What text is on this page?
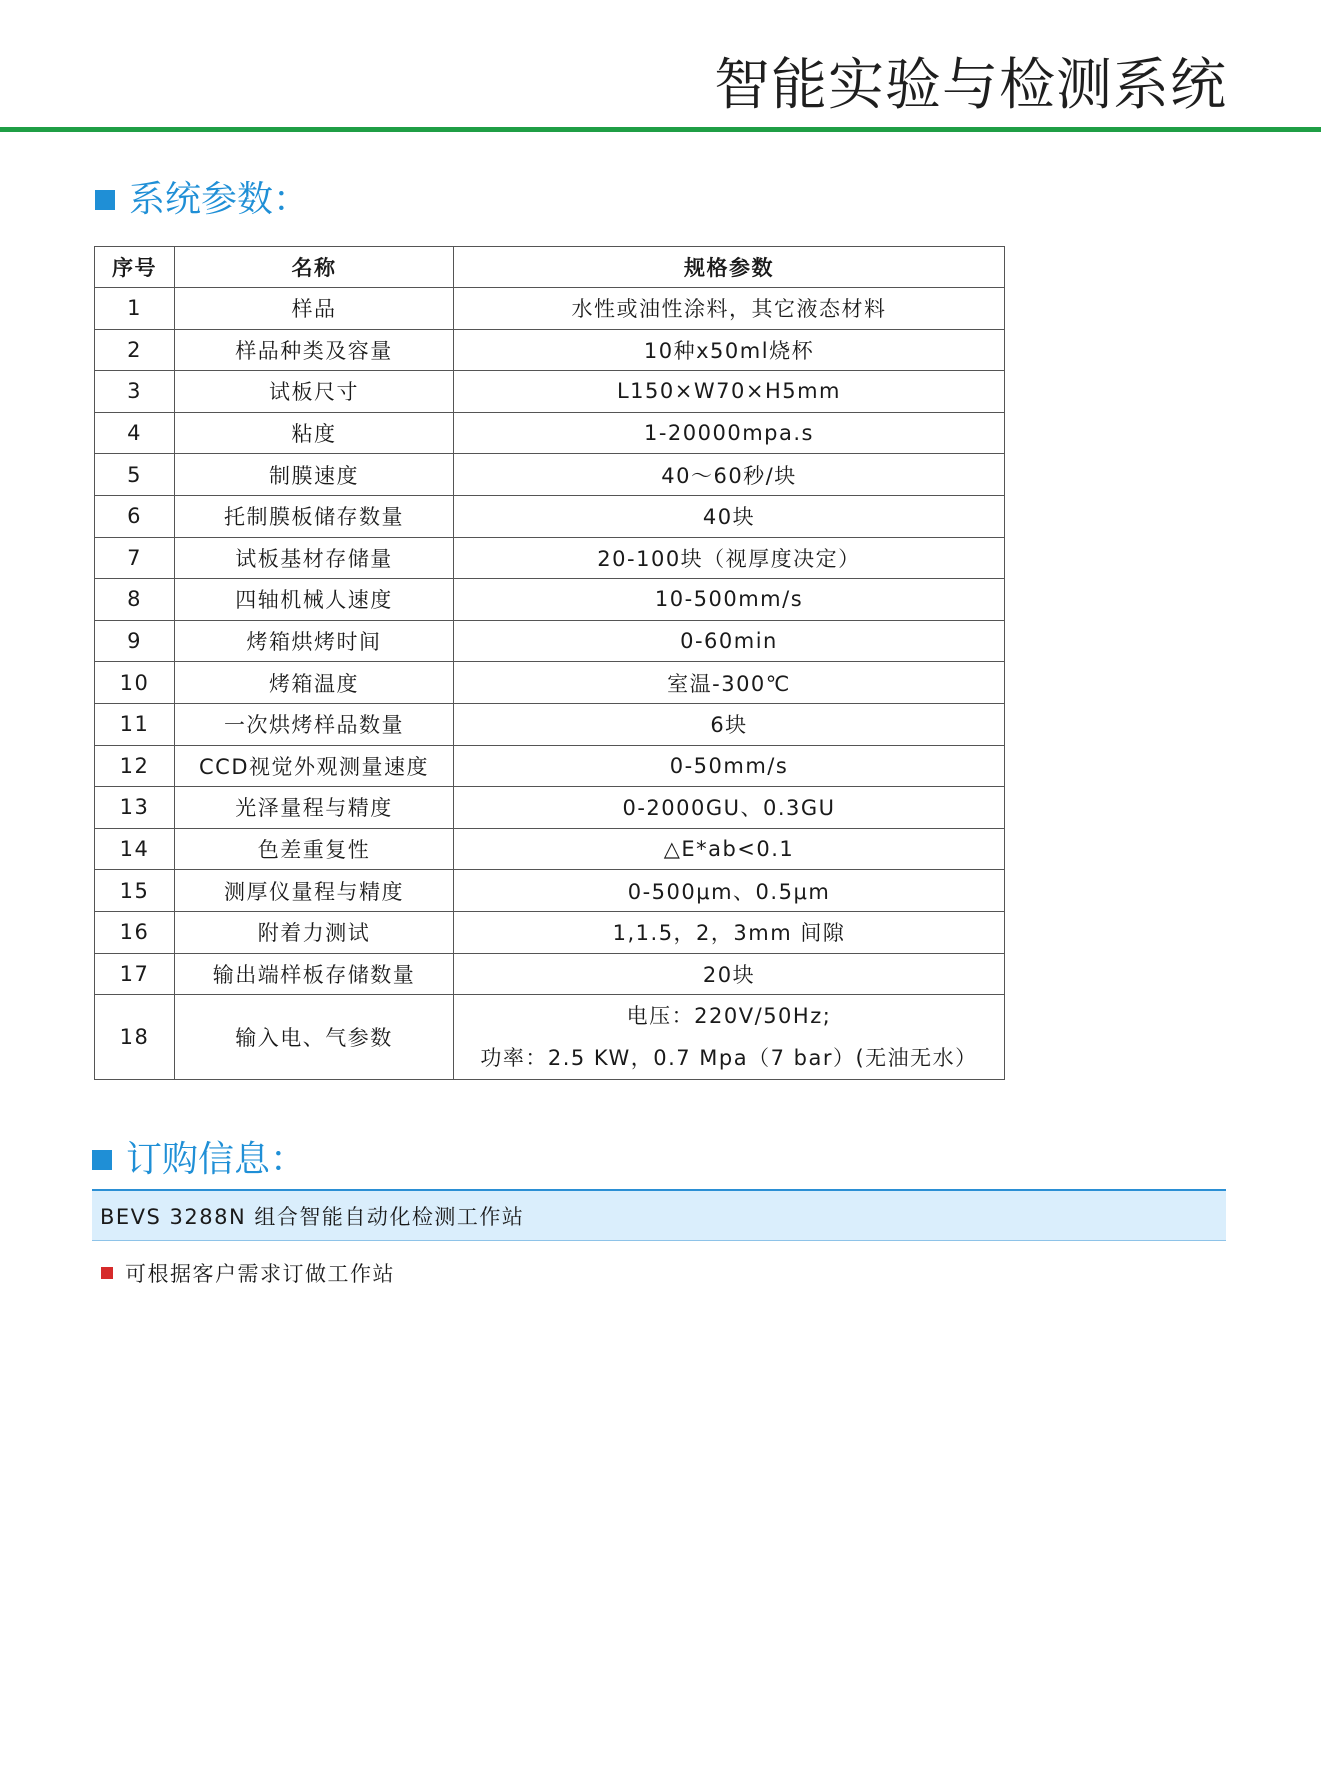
智能实验与检测系统
系统参数：
序号	名称	规格参数
1	样品	水性或油性涂料，其它液态材料
2	样品种类及容量	10种x50ml烧杯
3	试板尺寸	L150×W70×H5mm
4	粘度	1-20000mpa.s
5	制膜速度	40～60秒/块
6	托制膜板储存数量	40块
7	试板基材存储量	20-100块（视厚度决定）
8	四轴机械人速度	10-500mm/s
9	烤箱烘烤时间	0-60min
10	烤箱温度	室温-300℃
11	一次烘烤样品数量	6块
12	CCD视觉外观测量速度	0-50mm/s
13	光泽量程与精度	0-2000GU、0.3GU
14	色差重复性	△E*ab<0.1
15	测厚仪量程与精度	0-500μm、0.5μm
16	附着力测试	1,1.5，2，3mm 间隙
17	输出端样板存储数量	20块
18	输入电、气参数	电压：220V/50Hz;
功率：2.5 KW，0.7 Mpa（7 bar）(无油无水）
订购信息：
BEVS 3288N 组合智能自动化检测工作站
可根据客户需求订做工作站
